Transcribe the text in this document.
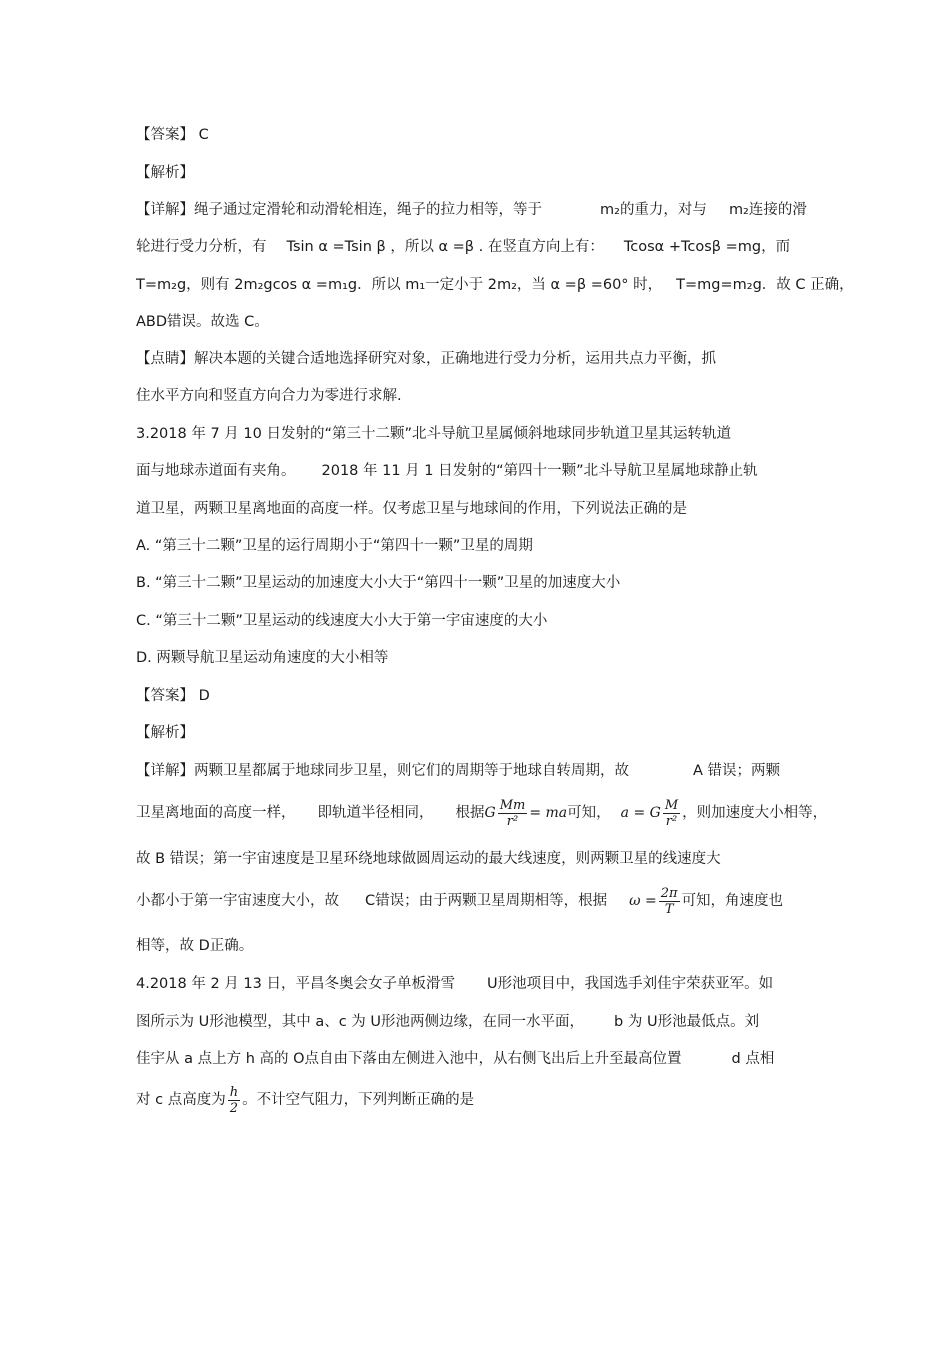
【答案】 C
【解析】
【详解】绳子通过定滑轮和动滑轮相连，绳子的拉力相等，等于	m₂的重力，对与 m₂连接的滑
轮进行受力分析，有 Tsin α =Tsin β ，所以 α =β . 在竖直方向上有： Tcosα +Tcosβ =mg，而
T=m₂g，则有 2m₂gcos α =m₁g．所以 m₁一定小于 2m₂，当 α =β =60° 时， T=mg=m₂g．故 C 正确，
ABD错误。故选 C。
【点睛】解决本题的关键合适地选择研究对象，正确地进行受力分析，运用共点力平衡，抓
住水平方向和竖直方向合力为零进行求解.
3.2018 年 7 月 10 日发射的“第三十二颗”北斗导航卫星属倾斜地球同步轨道卫星其运转轨道
面与地球赤道面有夹角。 2018 年 11 月 1 日发射的“第四十一颗”北斗导航卫星属地球静止轨
道卫星，两颗卫星离地面的高度一样。仅考虑卫星与地球间的作用，下列说法正确的是
A. “第三十二颗”卫星的运行周期小于“第四十一颗”卫星的周期
B. “第三十二颗”卫星运动的加速度大小大于“第四十一颗”卫星的加速度大小
C. “第三十二颗”卫星运动的线速度大小大于第一宇宙速度的大小
D. 两颗导航卫星运动角速度的大小相等
【答案】 D
【解析】
【详解】两颗卫星都属于地球同步卫星，则它们的周期等于地球自转周期，故	A 错误；两颗
卫星离地面的高度一样， 即轨道半径相同， 根据G $\frac{Mm}{\text{r²}}$ = ma可知， a = G $\frac{M}{\text{r²}}$ ，则加速度大小相等，
故 B 错误；第一宇宙速度是卫星环绕地球做圆周运动的最大线速度，则两颗卫星的线速度大
小都小于第一宇宙速度大小，故 C错误；由于两颗卫星周期相等，根据 $\omega = \frac{2\pi}{T}$ 可知，角速度也
相等，故 D正确。
4.2018 年 2 月 13 日，平昌冬奥会女子单板滑雪 U形池项目中，我国选手刘佳宇荣获亚军。如
图所示为 U形池模型，其中 a、c 为 U形池两侧边缘，在同一水平面， b 为 U形池最低点。刘
佳宇从 a 点上方 h 高的 O点自由下落由左侧进入池中，从右侧飞出后上升至最高位置	d 点相
对 c 点高度为 $\frac{h}{2}$ 。不计空气阻力，下列判断正确的是
